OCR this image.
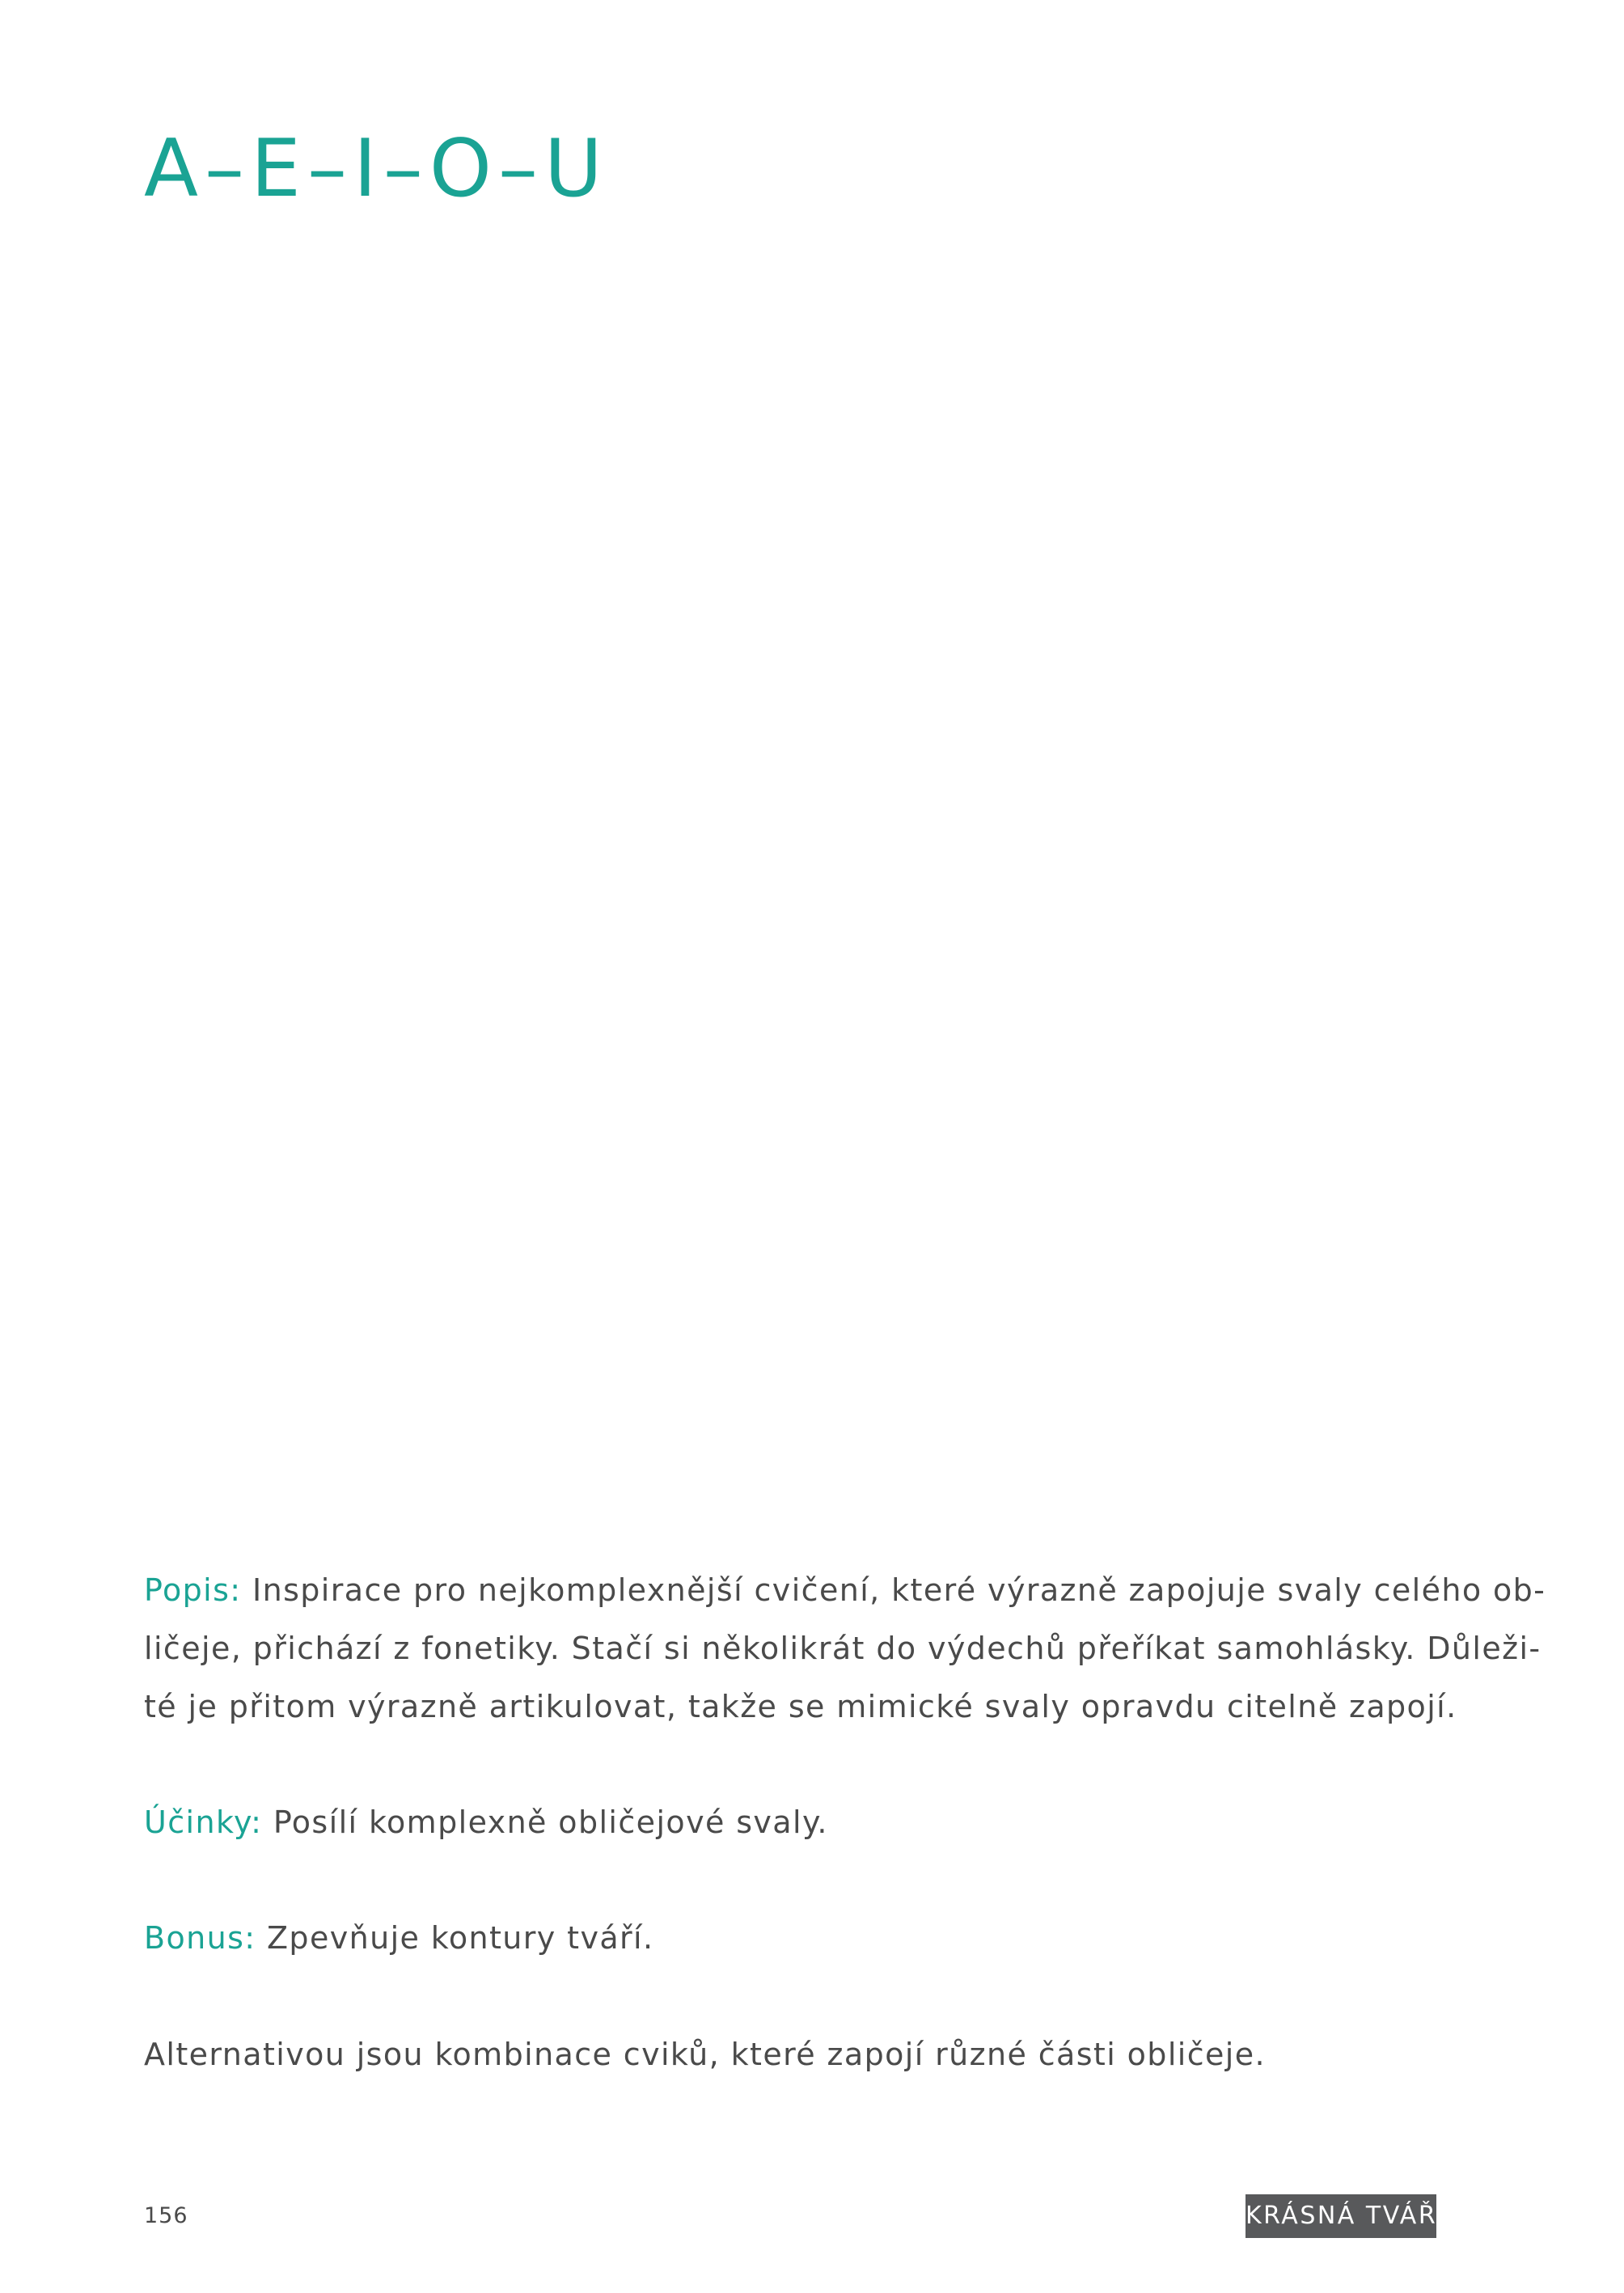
A–E–I–O–U
Popis: Inspirace pro nejkomplexnější cvičení, které výrazně zapojuje svaly celého ob-
ličeje, přichází z fonetiky. Stačí si několikrát do výdechů přeříkat samohlásky. Důleži-
té je přitom výrazně artikulovat, takže se mimické svaly opravdu citelně zapojí.
Účinky: Posílí komplexně obličejové svaly.
Bonus: Zpevňuje kontury tváří.
Alternativou jsou kombinace cviků, které zapojí různé části obličeje.
156	KRÁSNÁ TVÁŘ
